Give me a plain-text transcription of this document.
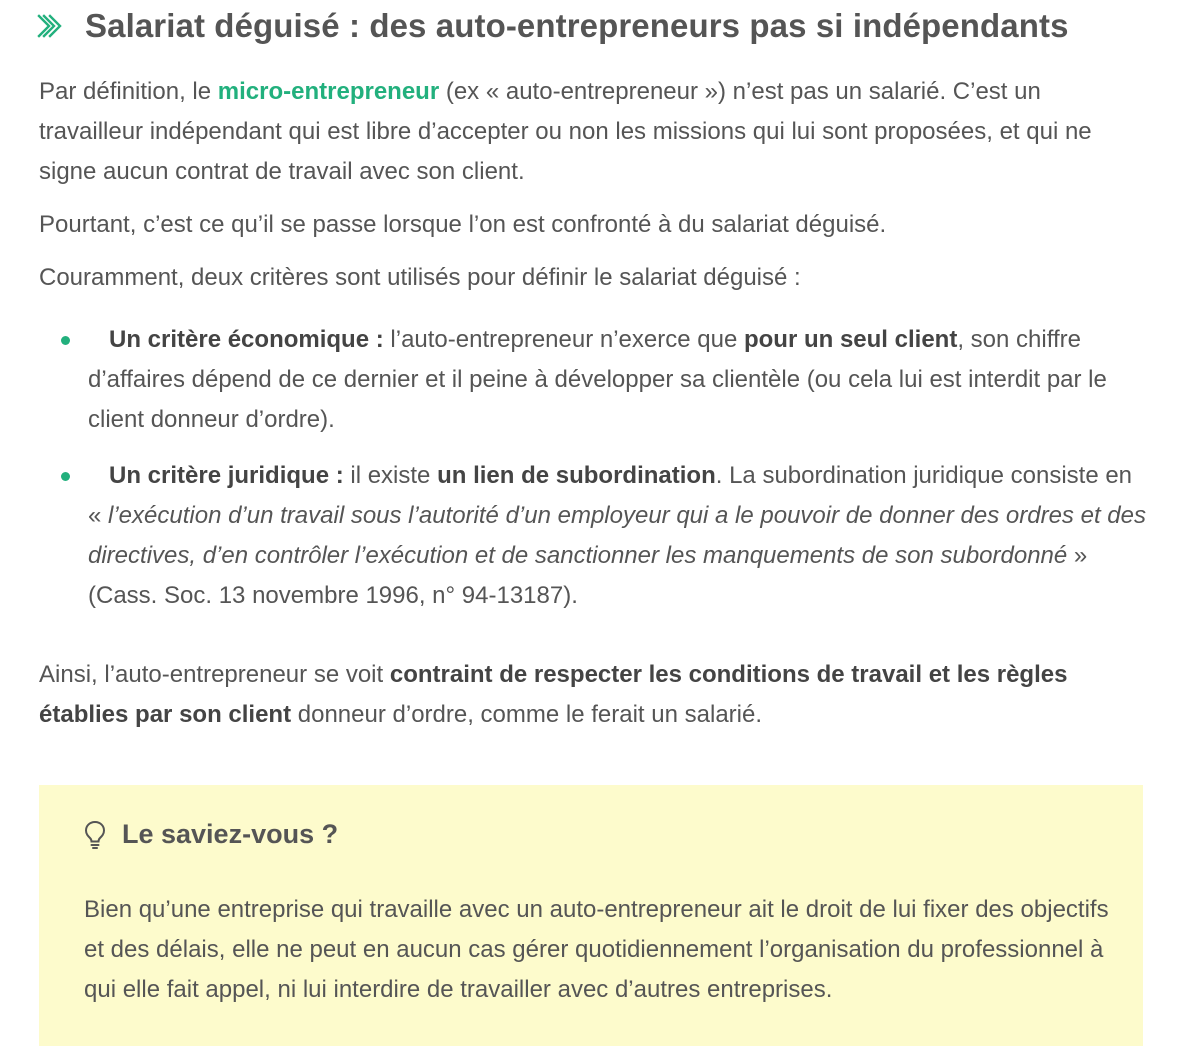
Salariat déguisé : des auto-entrepreneurs pas si indépendants

Par définition, le micro-entrepreneur (ex « auto-entrepreneur ») n’est pas un salarié. C’est un travailleur indépendant qui est libre d’accepter ou non les missions qui lui sont proposées, et qui ne signe aucun contrat de travail avec son client.

Pourtant, c’est ce qu’il se passe lorsque l’on est confronté à du salariat déguisé.

Couramment, deux critères sont utilisés pour définir le salariat déguisé :

Un critère économique : l’auto-entrepreneur n’exerce que pour un seul client, son chiffre d’affaires dépend de ce dernier et il peine à développer sa clientèle (ou cela lui est interdit par le client donneur d’ordre).
Un critère juridique : il existe un lien de subordination. La subordination juridique consiste en « l’exécution d’un travail sous l’autorité d’un employeur qui a le pouvoir de donner des ordres et des directives, d’en contrôler l’exécution et de sanctionner les manquements de son subordonné » (Cass. Soc. 13 novembre 1996, n° 94-13187).

Ainsi, l’auto-entrepreneur se voit contraint de respecter les conditions de travail et les règles établies par son client donneur d’ordre, comme le ferait un salarié.

Le saviez-vous ?

Bien qu’une entreprise qui travaille avec un auto-entrepreneur ait le droit de lui fixer des objectifs et des délais, elle ne peut en aucun cas gérer quotidiennement l’organisation du professionnel à qui elle fait appel, ni lui interdire de travailler avec d’autres entreprises.
